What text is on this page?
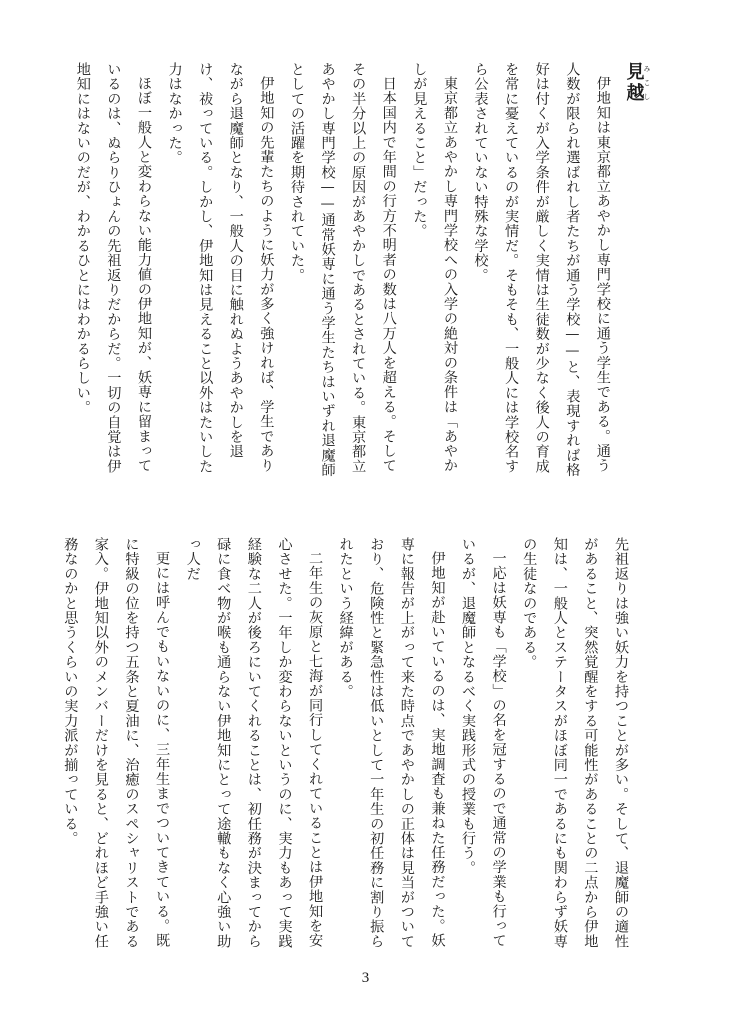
見越みこし

伊地知は東京都立あやかし専門学校に通う学生である。通う人数が限られ選ばれし者たちが通う学校——と、表現すれば格好は付くが入学条件が厳しく実情は生徒数が少なく後人の育成を常に憂えているのが実情だ。そもそも、一般人には学校名すら公表されていない特殊な学校。

東京都立あやかし専門学校への入学の絶対の条件は「あやかしが見えること」だった。

日本国内で年間の行方不明者の数は八万人を超える。そしてその半分以上の原因があやかしであるとされている。東京都立あやかし専門学校——通常妖専に通う学生たちはいずれ退魔師としての活躍を期待されていた。

伊地知の先輩たちのように妖力が多く強ければ、学生でありながら退魔師となり、一般人の目に触れぬようあやかしを退け、祓っている。しかし、伊地知は見えること以外はたいした力はなかった。

ほぼ一般人と変わらない能力値の伊地知が、妖専に留まっているのは、ぬらりひょんの先祖返りだからだ。一切の自覚は伊地知にはないのだが、わかるひとにはわかるらしい。

先祖返りは強い妖力を持つことが多い。そして、退魔師の適性があること、突然覚醒をする可能性があることの二点から伊地知は、一般人とステータスがほぼ同一であるにも関わらず妖専の生徒なのである。

一応は妖専も「学校」の名を冠するので通常の学業も行っているが、退魔師となるべく実践形式の授業も行う。

伊地知が赴いているのは、実地調査も兼ねた任務だった。妖専に報告が上がって来た時点であやかしの正体は見当がついており、危険性と緊急性は低いとして一年生の初任務に割り振られたという経緯がある。

二年生の灰原と七海が同行してくれていることは伊地知を安心させた。一年しか変わらないというのに、実力もあって実践経験な二人が後ろにいてくれることは、初任務が決まってから碌に食べ物が喉も通らない伊地知にとって途轍もなく心強い助っ人だ

更には呼んでもいないのに、三年生までついてきている。既に特級の位を持つ五条と夏油に、治癒のスペシャリストである家入。伊地知以外のメンバーだけを見ると、どれほど手強い任務なのかと思うくらいの実力派が揃っている。

3
